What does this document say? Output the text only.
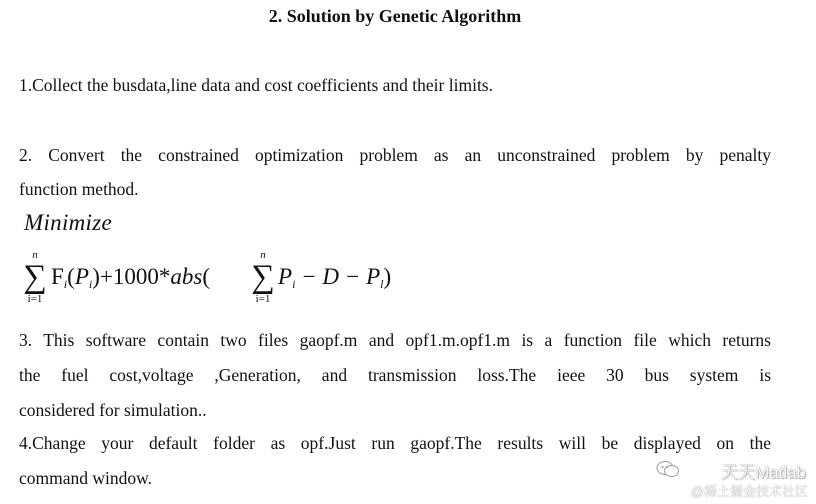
2. Solution by Genetic Algorithm
1.Collect the busdata,line data and cost coefficients and their limits.
2. Convert the constrained optimization problem as an unconstrained problem by penalty
function method.
Minimize
n
∑
i=1
$F_i(P_i)+1000*abs$(
n
∑
i=1
$P_i - D - P_l$)
3. This software contain two files gaopf.m and opf1.m.opf1.m is a function file which returns
the fuel cost,voltage ,Generation, and transmission loss.The ieee 30 bus system is
considered for simulation..
4.Change your default folder as opf.Just run gaopf.The results will be displayed on the
command window.	天天Matlab
@稀土掘金技术社区
